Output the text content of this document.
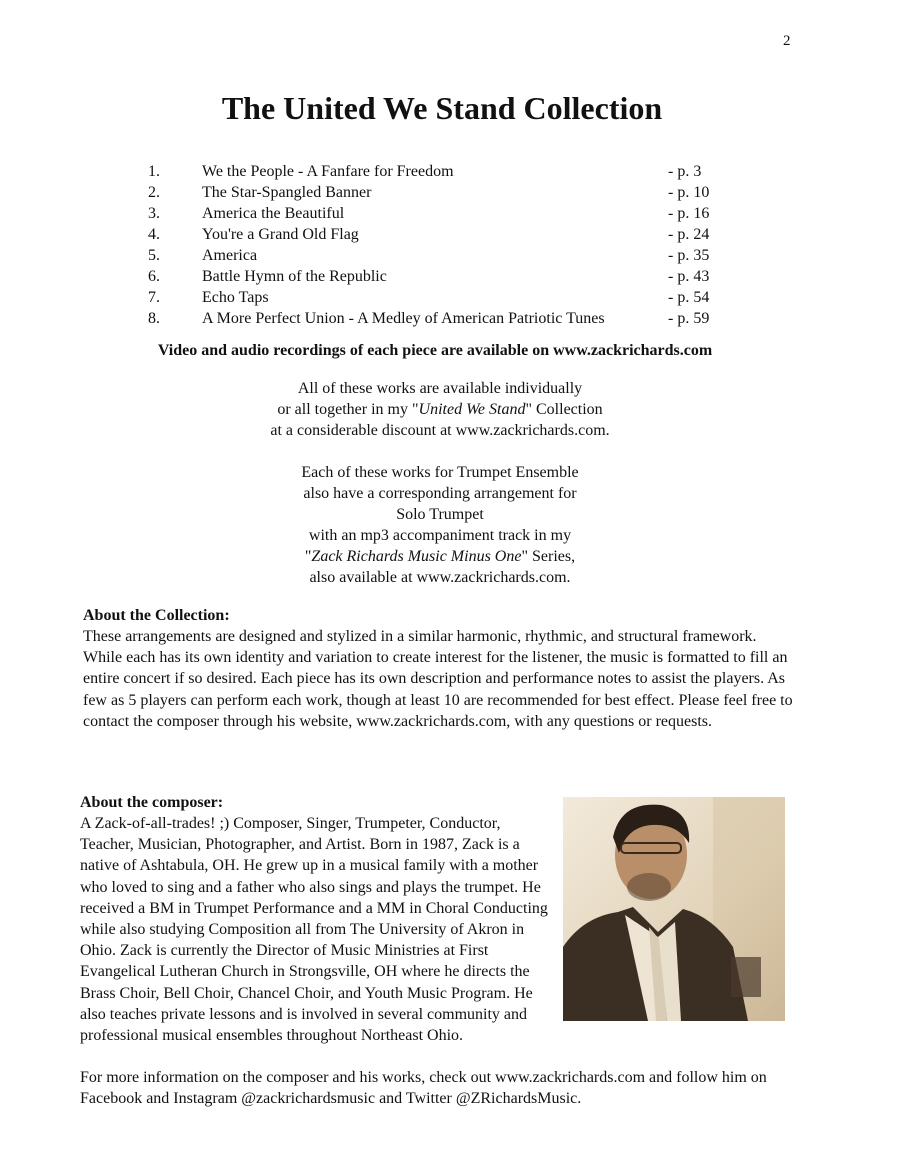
2
The United We Stand Collection
1.	We the People - A Fanfare for Freedom	- p. 3
2.	The Star-Spangled Banner	- p. 10
3.	America the Beautiful	- p. 16
4.	You're a Grand Old Flag	- p. 24
5.	America	- p. 35
6.	Battle Hymn of the Republic	- p. 43
7.	Echo Taps	- p. 54
8.	A More Perfect Union - A Medley of American Patriotic Tunes	- p. 59
Video and audio recordings of each piece are available on www.zackrichards.com
All of these works are available individually
or all together in my "United We Stand" Collection
at a considerable discount at www.zackrichards.com.
Each of these works for Trumpet Ensemble
also have a corresponding arrangement for
Solo Trumpet
with an mp3 accompaniment track in my
"Zack Richards Music Minus One" Series,
also available at www.zackrichards.com.
About the Collection:

These arrangements are designed and stylized in a similar harmonic, rhythmic, and structural framework. While each has its own identity and variation to create interest for the listener, the music is formatted to fill an entire concert if so desired. Each piece has its own description and performance notes to assist the players. As few as 5 players can perform each work, though at least 10 are recommended for best effect. Please feel free to contact the composer through his website, www.zackrichards.com, with any questions or requests.

About the composer:

A Zack-of-all-trades! ;) Composer, Singer, Trumpeter, Conductor, Teacher, Musician, Photographer, and Artist. Born in 1987, Zack is a native of Ashtabula, OH. He grew up in a musical family with a mother who loved to sing and a father who also sings and plays the trumpet. He received a BM in Trumpet Performance and a MM in Choral Conducting while also studying Composition all from The University of Akron in Ohio. Zack is currently the Director of Music Ministries at First Evangelical Lutheran Church in Strongsville, OH where he directs the Brass Choir, Bell Choir, Chancel Choir, and Youth Music Program. He also teaches private lessons and is involved in several community and professional musical ensembles throughout Northeast Ohio.

For more information on the composer and his works, check out www.zackrichards.com and follow him on Facebook and Instagram @zackrichardsmusic and Twitter @ZRichardsMusic.
